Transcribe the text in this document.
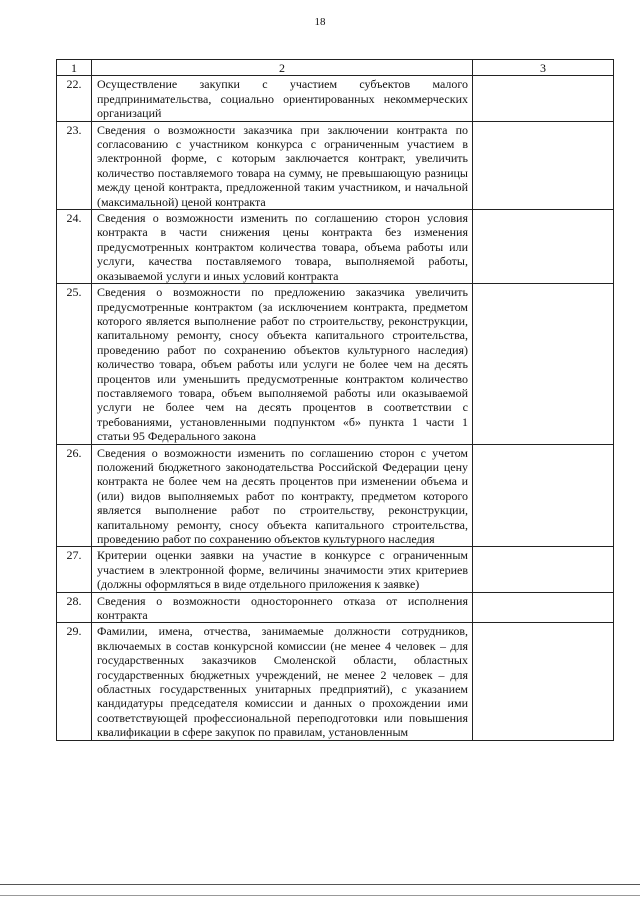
18
1	2	3
22.	Осуществление закупки с участием субъектов малого предпринимательства, социально ориентированных некоммерческих организаций	
23.	Сведения о возможности заказчика при заключении контракта по согласованию с участником конкурса с ограниченным участием в электронной форме, с которым заключается контракт, увеличить количество поставляемого товара на сумму, не превышающую разницы между ценой контракта, предложенной таким участником, и начальной (максимальной) ценой контракта	
24.	Сведения о возможности изменить по соглашению сторон условия контракта в части снижения цены контракта без изменения предусмотренных контрактом количества товара, объема работы или услуги, качества поставляемого товара, выполняемой работы, оказываемой услуги и иных условий контракта	
25.	Сведения о возможности по предложению заказчика увеличить предусмотренные контрактом (за исключением контракта, предметом которого является выполнение работ по строительству, реконструкции, капитальному ремонту, сносу объекта капитального строительства, проведению работ по сохранению объектов культурного наследия) количество товара, объем работы или услуги не более чем на десять процентов или уменьшить предусмотренные контрактом количество поставляемого товара, объем выполняемой работы или оказываемой услуги не более чем на десять процентов в соответствии с требованиями, установленными подпунктом «б» пункта 1 части 1 статьи 95 Федерального закона	
26.	Сведения о возможности изменить по соглашению сторон с учетом положений бюджетного законодательства Российской Федерации цену контракта не более чем на десять процентов при изменении объема и (или) видов выполняемых работ по контракту, предметом которого является выполнение работ по строительству, реконструкции, капитальному ремонту, сносу объекта капитального строительства, проведению работ по сохранению объектов культурного наследия	
27.	Критерии оценки заявки на участие в конкурсе с ограниченным участием в электронной форме, величины значимости этих критериев (должны оформляться в виде отдельного приложения к заявке)	
28.	Сведения о возможности одностороннего отказа от исполнения контракта	
29.	Фамилии, имена, отчества, занимаемые должности сотрудников, включаемых в состав конкурсной комиссии (не менее 4 человек – для государственных заказчиков Смоленской области, областных государственных бюджетных учреждений, не менее 2 человек – для областных государственных унитарных предприятий), с указанием кандидатуры председателя комиссии и данных о прохождении ими соответствующей профессиональной переподготовки или повышения квалификации в сфере закупок по правилам, установленным	
